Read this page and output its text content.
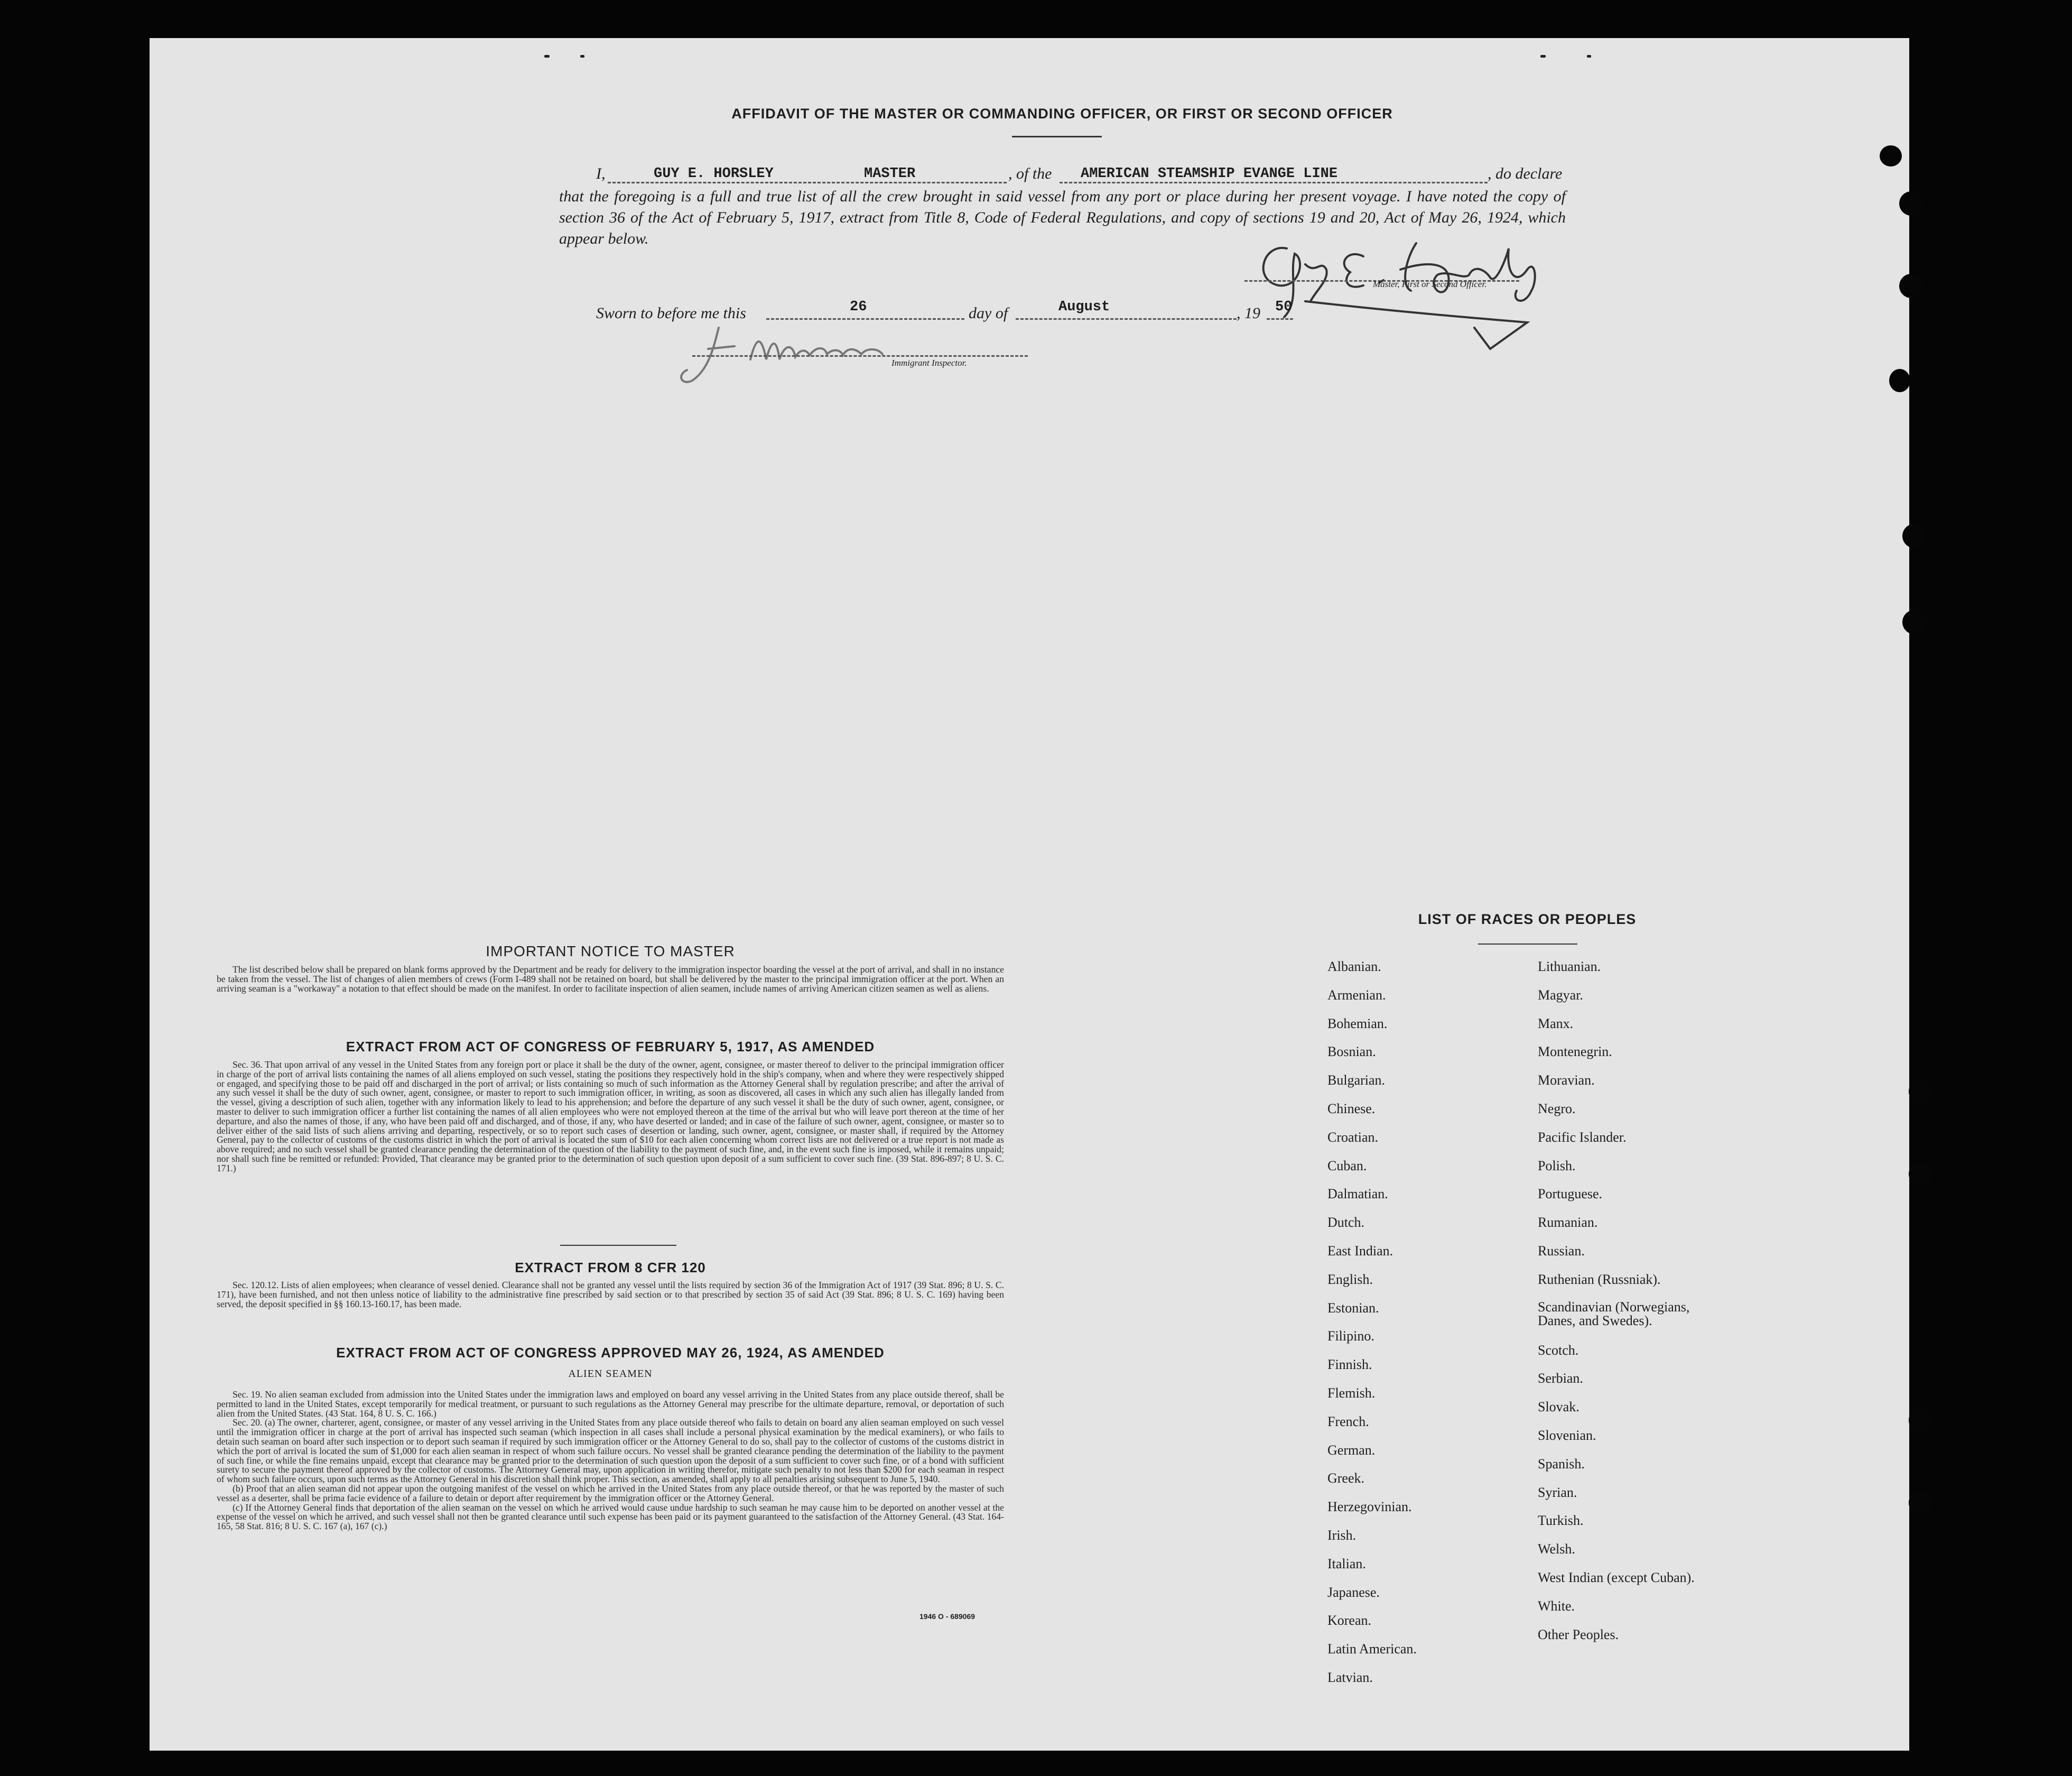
AFFIDAVIT OF THE MASTER OR COMMANDING OFFICER, OR FIRST OR SECOND OFFICER
I,	GUY E. HORSLEY	MASTER	, of the AMERICAN STEAMSHIP EVANGE LINE	, do declare
that the foregoing is a full and true list of all the crew brought in said vessel from any port or place during her present voyage. I have noted the copy of section 36 of the Act of February 5, 1917, extract from Title 8, Code of Federal Regulations, and copy of sections 19 and 20, Act of May 26, 1924, which appear below.
Master, First or Second Officer.
Sworn to before me this	26	day of	August	, 19 50
Immigrant Inspector.
IMPORTANT NOTICE TO MASTER

The list described below shall be prepared on blank forms approved by the Department and be ready for delivery to the immigration inspector boarding the vessel at the port of arrival, and shall in no instance be taken from the vessel. The list of changes of alien members of crews (Form I-489 shall not be retained on board, but shall be delivered by the master to the principal immigration officer at the port. When an arriving seaman is a "workaway" a notation to that effect should be made on the manifest. In order to facilitate inspection of alien seamen, include names of arriving American citizen seamen as well as aliens.

EXTRACT FROM ACT OF CONGRESS OF FEBRUARY 5, 1917, AS AMENDED

Sec. 36. That upon arrival of any vessel in the United States from any foreign port or place it shall be the duty of the owner, agent, consignee, or master thereof to deliver to the principal immigration officer in charge of the port of arrival lists containing the names of all aliens employed on such vessel, stating the positions they respectively hold in the ship's company, when and where they were respectively shipped or engaged, and specifying those to be paid off and discharged in the port of arrival; or lists containing so much of such information as the Attorney General shall by regulation prescribe; and after the arrival of any such vessel it shall be the duty of such owner, agent, consignee, or master to report to such immigration officer, in writing, as soon as discovered, all cases in which any such alien has illegally landed from the vessel, giving a description of such alien, together with any information likely to lead to his apprehension; and before the departure of any such vessel it shall be the duty of such owner, agent, consignee, or master to deliver to such immigration officer a further list containing the names of all alien employees who were not employed thereon at the time of the arrival but who will leave port thereon at the time of her departure, and also the names of those, if any, who have been paid off and discharged, and of those, if any, who have deserted or landed; and in case of the failure of such owner, agent, consignee, or master so to deliver either of the said lists of such aliens arriving and departing, respectively, or so to report such cases of desertion or landing, such owner, agent, consignee, or master shall, if required by the Attorney General, pay to the collector of customs of the customs district in which the port of arrival is located the sum of $10 for each alien concerning whom correct lists are not delivered or a true report is not made as above required; and no such vessel shall be granted clearance pending the determination of the question of the liability to the payment of such fine, and, in the event such fine is imposed, while it remains unpaid; nor shall such fine be remitted or refunded: Provided, That clearance may be granted prior to the determination of such question upon deposit of a sum sufficient to cover such fine. (39 Stat. 896-897; 8 U. S. C. 171.)

EXTRACT FROM 8 CFR 120

Sec. 120.12. Lists of alien employees; when clearance of vessel denied. Clearance shall not be granted any vessel until the lists required by section 36 of the Immigration Act of 1917 (39 Stat. 896; 8 U. S. C. 171), have been furnished, and not then unless notice of liability to the administrative fine prescribed by said section or to that prescribed by section 35 of said Act (39 Stat. 896; 8 U. S. C. 169) having been served, the deposit specified in §§ 160.13-160.17, has been made.

EXTRACT FROM ACT OF CONGRESS APPROVED MAY 26, 1924, AS AMENDED
ALIEN SEAMEN

Sec. 19. No alien seaman excluded from admission into the United States under the immigration laws and employed on board any vessel arriving in the United States from any place outside thereof, shall be permitted to land in the United States, except temporarily for medical treatment, or pursuant to such regulations as the Attorney General may prescribe for the ultimate departure, removal, or deportation of such alien from the United States. (43 Stat. 164, 8 U. S. C. 166.)

Sec. 20. (a) The owner, charterer, agent, consignee, or master of any vessel arriving in the United States from any place outside thereof who fails to detain on board any alien seaman employed on such vessel until the immigration officer in charge at the port of arrival has inspected such seaman (which inspection in all cases shall include a personal physical examination by the medical examiners), or who fails to detain such seaman on board after such inspection or to deport such seaman if required by such immigration officer or the Attorney General to do so, shall pay to the collector of customs of the customs district in which the port of arrival is located the sum of $1,000 for each alien seaman in respect of whom such failure occurs. No vessel shall be granted clearance pending the determination of the liability to the payment of such fine, or while the fine remains unpaid, except that clearance may be granted prior to the determination of such question upon the deposit of a sum sufficient to cover such fine, or of a bond with sufficient surety to secure the payment thereof approved by the collector of customs. The Attorney General may, upon application in writing therefor, mitigate such penalty to not less than $200 for each seaman in respect of whom such failure occurs, upon such terms as the Attorney General in his discretion shall think proper. This section, as amended, shall apply to all penalties arising subsequent to June 5, 1940.

(b) Proof that an alien seaman did not appear upon the outgoing manifest of the vessel on which he arrived in the United States from any place outside thereof, or that he was reported by the master of such vessel as a deserter, shall be prima facie evidence of a failure to detain or deport after requirement by the immigration officer or the Attorney General.

(c) If the Attorney General finds that deportation of the alien seaman on the vessel on which he arrived would cause undue hardship to such seaman he may cause him to be deported on another vessel at the expense of the vessel on which he arrived, and such vessel shall not then be granted clearance until such expense has been paid or its payment guaranteed to the satisfaction of the Attorney General. (43 Stat. 164-165, 58 Stat. 816; 8 U. S. C. 167 (a), 167 (c).)

1946 O - 689069
LIST OF RACES OR PEOPLES
Albanian.
Armenian.
Bohemian.
Bosnian.
Bulgarian.
Chinese.
Croatian.
Cuban.
Dalmatian.
Dutch.
East Indian.
English.
Estonian.
Filipino.
Finnish.
Flemish.
French.
German.
Greek.
Herzegovinian.
Irish.
Italian.
Japanese.
Korean.
Latin American.
Latvian.
Lithuanian.
Magyar.
Manx.
Montenegrin.
Moravian.
Negro.
Pacific Islander.
Polish.
Portuguese.
Rumanian.
Russian.
Ruthenian (Russniak).
Scandinavian (Norwegians, Danes, and Swedes).
Scotch.
Serbian.
Slovak.
Slovenian.
Spanish.
Syrian.
Turkish.
Welsh.
West Indian (except Cuban).
White.
Other Peoples.
